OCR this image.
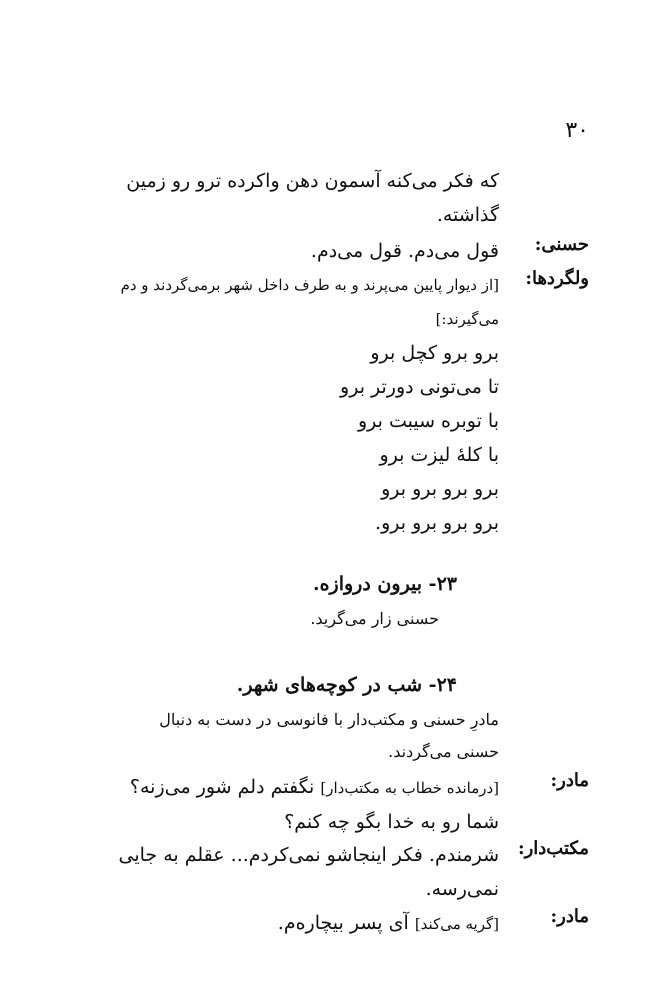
۳۰
که فکر می‌کنه آسمون دهن واکرده ترو رو زمین
گذاشته.
حسنی:
قول می‌دم. قول می‌دم.
ولگردها:
[از دیوار پایین می‌پرند و به طرف داخل شهر برمی‌گردند و دم
می‌گیرند:]
برو برو کچل برو
تا می‌تونی دورتر برو
با توبره سیبت برو
با کلهٔ لیزت برو
برو برو برو برو
برو برو برو برو.
۲۳- بیرون دروازه.
حسنی زار می‌گرید.
۲۴- شب در کوچه‌های شهر.
مادرِ حسنی و مکتب‌دار با فانوسی در دست به دنبال
حسنی می‌گردند.
مادر:
[درمانده خطاب به مکتب‌دار] نگفتم دلم شور می‌زنه؟
شما رو به خدا بگو چه کنم؟
مکتب‌دار:
شرمندم. فکر اینجاشو نمی‌کردم... عقلم به جایی
نمی‌رسه.
مادر:
[گریه می‌کند] آی پسر بیچاره‌م.
